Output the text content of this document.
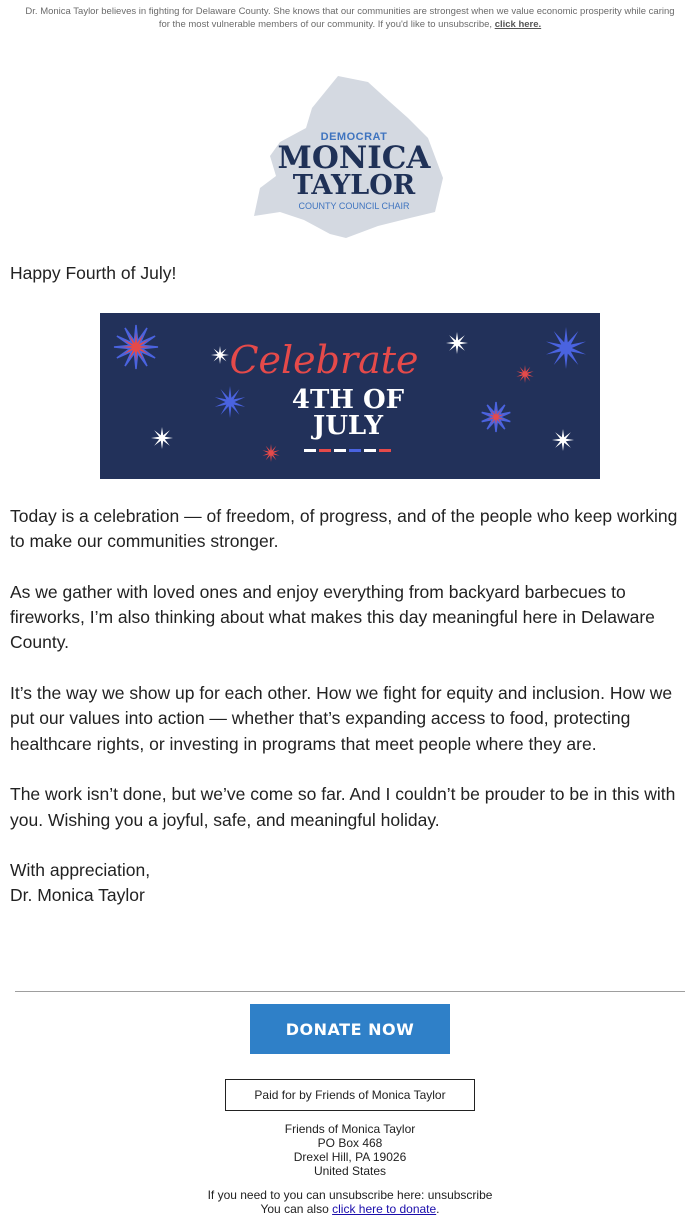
Dr. Monica Taylor believes in fighting for Delaware County. She knows that our communities are strongest when we value economic prosperity while caring for the most vulnerable members of our community. If you'd like to unsubscribe, click here.
DEMOCRAT
MONICA
TAYLOR
COUNTY COUNCIL CHAIR

Happy Fourth of July!

Celebrate
4TH OF
JULY

Today is a celebration — of freedom, of progress, and of the people who keep working to make our communities stronger.

As we gather with loved ones and enjoy everything from backyard barbecues to fireworks, I’m also thinking about what makes this day meaningful here in Delaware County.

It’s the way we show up for each other. How we fight for equity and inclusion. How we put our values into action — whether that’s expanding access to food, protecting healthcare rights, or investing in programs that meet people where they are.

The work isn’t done, but we’ve come so far. And I couldn’t be prouder to be in this with you. Wishing you a joyful, safe, and meaningful holiday.

With appreciation,

Dr. Monica Taylor

DONATE NOW
Paid for by Friends of Monica Taylor
Friends of Monica Taylor
PO Box 468
Drexel Hill, PA 19026
United States
If you need to you can unsubscribe here: unsubscribe
You can also click here to donate.
